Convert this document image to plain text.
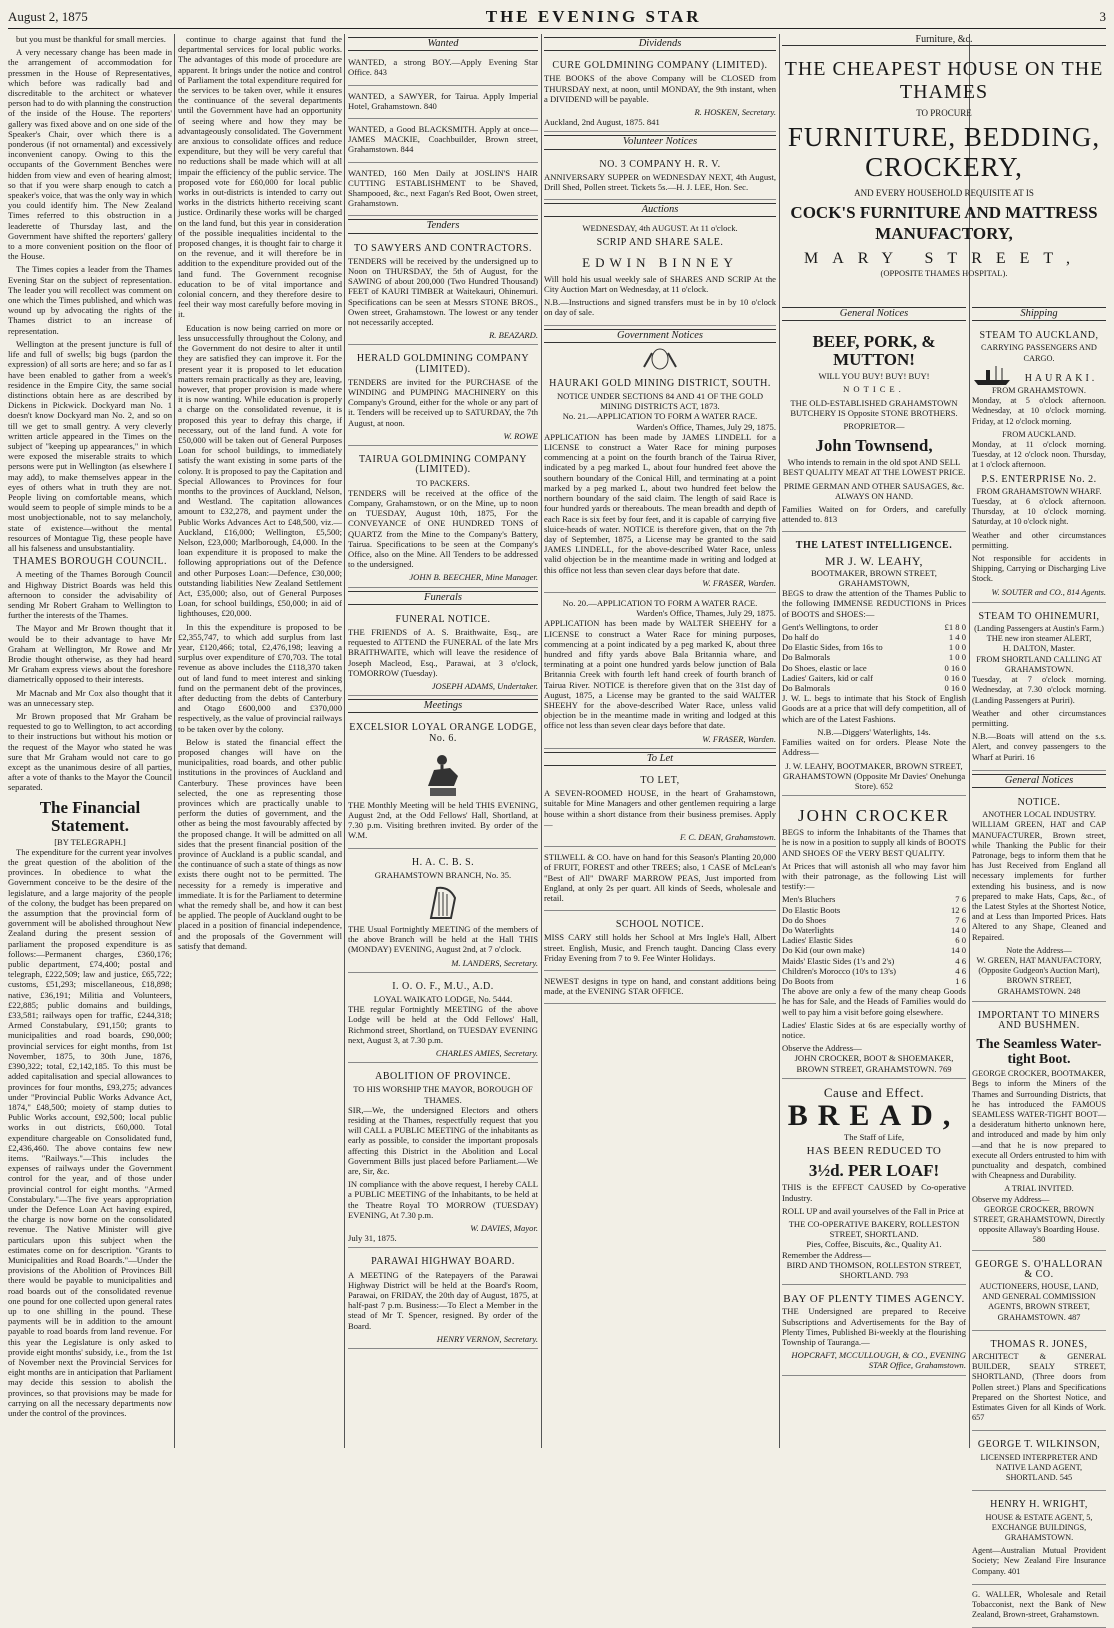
August 2, 1875	THE EVENING STAR	3

but you must be thankful for small mercies.

A very necessary change has been made in the arrangement of accommodation for pressmen in the House of Representatives, which before was radically bad and discreditable to the architect or whatever person had to do with planning the construction of the inside of the House. The reporters' gallery was fixed above and on one side of the Speaker's Chair, over which there is a ponderous (if not ornamental) and excessively inconvenient canopy. Owing to this the occupants of the Government Benches were hidden from view and even of hearing almost; so that if you were sharp enough to catch a speaker's voice, that was the only way in which you could identify him. The New Zealand Times referred to this obstruction in a leaderette of Thursday last, and the Government have shifted the reporters' gallery to a more convenient position on the floor of the House.

The Times copies a leader from the Thames Evening Star on the subject of representation. The leader you will recollect was comment on one which the Times published, and which was wound up by advocating the rights of the Thames district to an increase of representation.

Wellington at the present juncture is full of life and full of swells; big bugs (pardon the expression) of all sorts are here; and so far as I have been enabled to gather from a week's residence in the Empire City, the same social distinctions obtain here as are described by Dickens in Pickwick. Dockyard man No. 1 doesn't know Dockyard man No. 2, and so on till we get to small gentry. A very cleverly written article appeared in the Times on the subject of "keeping up appearances," in which were exposed the miserable straits to which persons were put in Wellington (as elsewhere I may add), to make themselves appear in the eyes of others what in truth they are not. People living on comfortable means, which would seem to people of simple minds to be a most unobjectionable, not to say melancholy, state of existence—without the mental resources of Montague Tig, these people have all his falseness and unsubstantiality.

THAMES BOROUGH COUNCIL.

A meeting of the Thames Borough Council and Highway District Boards was held this afternoon to consider the advisability of sending Mr Robert Graham to Wellington to further the interests of the Thames.

The Mayor and Mr Brown thought that it would be to their advantage to have Mr Graham at Wellington, Mr Rowe and Mr Brodie thought otherwise, as they had heard Mr Graham express views about the foreshore diametrically opposed to their interests.

Mr Macnab and Mr Cox also thought that it was an unnecessary step.

Mr Brown proposed that Mr Graham be requested to go to Wellington, to act according to their instructions but without his motion or the request of the Mayor who stated he was sure that Mr Graham would not care to go except as the unanimous desire of all parties, after a vote of thanks to the Mayor the Council separated.

The Financial Statement.
[BY TELEGRAPH.]

The expenditure for the current year involves the great question of the abolition of the provinces. In obedience to what the Government conceive to be the desire of the legislature, and a large majority of the people of the colony, the budget has been prepared on the assumption that the provincial form of government will be abolished throughout New Zealand during the present session of parliament the proposed expenditure is as follows:—Permanent charges, £360,176; public department, £74,400; postal and telegraph, £222,509; law and justice, £65,722; customs, £51,293; miscellaneous, £18,898; native, £36,191; Militia and Volunteers, £22,885; public domains and buildings, £33,581; railways open for traffic, £244,318; Armed Constabulary, £91,150; grants to municipalities and road boards, £90,000; provincial services for eight months, from 1st November, 1875, to 30th June, 1876, £390,322; total, £2,142,185. To this must be added capitalisation and special allowances to provinces for four months, £93,275; advances under "Provincial Public Works Advance Act, 1874," £48,500; moiety of stamp duties to Public Works account, £92,500; local public works in out districts, £60,000. Total expenditure chargeable on Consolidated fund, £2,436,460. The above contains few new items. "Railways."—This includes the expenses of railways under the Government control for the year, and of those under provincial control for eight months. "Armed Constabulary."—The five years appropriation under the Defence Loan Act having expired, the charge is now borne on the consolidated revenue. The Native Minister will give particulars upon this subject when the estimates come on for description. "Grants to Municipalities and Road Boards."—Under the provisions of the Abolition of Provinces Bill there would be payable to municipalities and road boards out of the consolidated revenue one pound for one collected upon general rates up to one shilling in the pound. These payments will be in addition to the amount payable to road boards from land revenue. For this year the Legislature is only asked to provide eight months' subsidy, i.e., from the 1st of November next the Provincial Services for eight months are in anticipation that Parliament may decide this session to abolish the provinces, so that provisions may be made for carrying on all the necessary departments now under the control of the provinces.

continue to charge against that fund the departmental services for local public works. The advantages of this mode of procedure are apparent. It brings under the notice and control of Parliament the total expenditure required for the services to be taken over, while it ensures the continuance of the several departments until the Government have had an opportunity of seeing where and how they may be advantageously consolidated. The Government are anxious to consolidate offices and reduce expenditure, but they will be very careful that no reductions shall be made which will at all impair the efficiency of the public service. The proposed vote for £60,000 for local public works in out-districts is intended to carry out works in the districts hitherto receiving scant justice. Ordinarily these works will be charged on the land fund, but this year in consideration of the possible inequalities incidental to the proposed changes, it is thought fair to charge it on the revenue, and it will therefore be in addition to the expenditure provided out of the land fund. The Government recognise education to be of vital importance and colonial concern, and they therefore desire to feel their way most carefully before moving in it.

Education is now being carried on more or less unsuccessfully throughout the Colony, and the Government do not desire to alter it until they are satisfied they can improve it. For the present year it is proposed to let education matters remain practically as they are, leaving, however, that proper provision is made where it is now wanting. While education is properly a charge on the consolidated revenue, it is proposed this year to defray this charge, if necessary, out of the land fund. A vote for £50,000 will be taken out of General Purposes Loan for school buildings, to immediately satisfy the want existing in some parts of the colony. It is proposed to pay the Capitation and Special Allowances to Provinces for four months to the provinces of Auckland, Nelson, and Westland. The capitation allowances amount to £32,278, and payment under the Public Works Advances Act to £48,500, viz.—Auckland, £16,000; Wellington, £5,500; Nelson, £23,000; Marlborough, £4,000. In the loan expenditure it is proposed to make the following appropriations out of the Defence and other Purposes Loan:—Defence, £30,000; outstanding liabilities New Zealand Settlement Act, £35,000; also, out of General Purposes Loan, for school buildings, £50,000; in aid of lighthouses, £20,000.

In this the expenditure is proposed to be £2,355,747, to which add surplus from last year, £120,466; total, £2,476,198; leaving a surplus over expenditure of £70,703. The total revenue as above includes the £118,370 taken out of land fund to meet interest and sinking fund on the permanent debt of the provinces, after deducting from the debts of Canterbury and Otago £600,000 and £370,000 respectively, as the value of provincial railways to be taken over by the colony.

Below is stated the financial effect the proposed changes will have on the municipalities, road boards, and other public institutions in the provinces of Auckland and Canterbury. These provinces have been selected, the one as representing those provinces which are practically unable to perform the duties of government, and the other as being the most favourably affected by the proposed change. It will be admitted on all sides that the present financial position of the province of Auckland is a public scandal, and the continuance of such a state of things as now exists there ought not to be permitted. The necessity for a remedy is imperative and immediate. It is for the Parliament to determine what the remedy shall be, and how it can best be applied. The people of Auckland ought to be placed in a position of financial independence, and the proposals of the Government will satisfy that demand.

Wanted

WANTED, a strong BOY.—Apply Evening Star Office. 843

WANTED, a SAWYER, for Tairua. Apply Imperial Hotel, Grahamstown. 840

WANTED, a Good BLACKSMITH. Apply at once—JAMES MACKIE, Coachbuilder, Brown street, Grahamstown. 844

WANTED, 160 Men Daily at JOSLIN'S HAIR CUTTING ESTABLISHMENT to be Shaved, Shampooed, &c., next Fagan's Red Boot, Owen street, Grahamstown.

Tenders
TO SAWYERS AND CONTRACTORS.

TENDERS will be received by the undersigned up to Noon on THURSDAY, the 5th of August, for the SAWING of about 200,000 (Two Hundred Thousand) FEET of KAURI TIMBER at Waitekauri, Ohinemuri. Specifications can be seen at Messrs STONE BROS., Owen street, Grahamstown. The lowest or any tender not necessarily accepted.

R. BEAZARD.
HERALD GOLDMINING COMPANY (LIMITED).

TENDERS are invited for the PURCHASE of the WINDING and PUMPING MACHINERY on this Company's Ground, either for the whole or any part of it. Tenders will be received up to SATURDAY, the 7th August, at noon.

W. ROWE
TAIRUA GOLDMINING COMPANY (LIMITED).
TO PACKERS.

TENDERS will be received at the office of the Company, Grahamstown, or on the Mine, up to noon on TUESDAY, August 10th, 1875, For the CONVEYANCE of ONE HUNDRED TONS of QUARTZ from the Mine to the Company's Battery, Tairua. Specifications to be seen at the Company's Office, also on the Mine. All Tenders to be addressed to the undersigned.

JOHN B. BEECHER, Mine Manager.
Funerals
FUNERAL NOTICE.

THE FRIENDS of A. S. Braithwaite, Esq., are requested to ATTEND the FUNERAL of the late Mrs BRAITHWAITE, which will leave the residence of Joseph Macleod, Esq., Parawai, at 3 o'clock, TOMORROW (Tuesday).

JOSEPH ADAMS, Undertaker.
Meetings
EXCELSIOR LOYAL ORANGE LODGE, No. 6.

THE Monthly Meeting will be held THIS EVENING, August 2nd, at the Odd Fellows' Hall, Shortland, at 7.30 p.m. Visiting brethren invited. By order of the W.M.

H. A. C. B. S.
GRAHAMSTOWN BRANCH, No. 35.

THE Usual Fortnightly MEETING of the members of the above Branch will be held at the Hall THIS (MONDAY) EVENING, August 2nd, at 7 o'clock.

M. LANDERS, Secretary.
I. O. O. F., M.U., A.D.
LOYAL WAIKATO LODGE, No. 5444.

THE regular Fortnightly MEETING of the above Lodge will be held at the Odd Fellows' Hall, Richmond street, Shortland, on TUESDAY EVENING next, August 3, at 7.30 p.m.

CHARLES AMIES, Secretary.
ABOLITION OF PROVINCE.
TO HIS WORSHIP THE MAYOR, BOROUGH OF THAMES.

SIR,—We, the undersigned Electors and others residing at the Thames, respectfully request that you will CALL a PUBLIC MEETING of the inhabitants as early as possible, to consider the important proposals affecting this District in the Abolition and Local Government Bills just placed before Parliament.—We are, Sir, &c.

IN compliance with the above request, I hereby CALL a PUBLIC MEETING of the Inhabitants, to be held at the Theatre Royal TO MORROW (TUESDAY) EVENING, At 7.30 p.m.

W. DAVIES, Mayor.
July 31, 1875.
PARAWAI HIGHWAY BOARD.

A MEETING of the Ratepayers of the Parawai Highway District will be held at the Board's Room, Parawai, on FRIDAY, the 20th day of August, 1875, at half-past 7 p.m. Business:—To Elect a Member in the stead of Mr T. Spencer, resigned. By order of the Board.

HENRY VERNON, Secretary.
Dividends
CURE GOLDMINING COMPANY (LIMITED).

THE BOOKS of the above Company will be CLOSED from THURSDAY next, at noon, until MONDAY, the 9th instant, when a DIVIDEND will be payable.

R. HOSKEN, Secretary.
Auckland, 2nd August, 1875. 841
Volunteer Notices
NO. 3 COMPANY H. R. V.

ANNIVERSARY SUPPER on WEDNESDAY NEXT, 4th August, Drill Shed, Pollen street. Tickets 5s.—H. J. LEE, Hon. Sec.

Auctions
WEDNESDAY, 4th AUGUST. At 11 o'clock.
SCRIP AND SHARE SALE.
EDWIN BINNEY

Will hold his usual weekly sale of SHARES AND SCRIP At the City Auction Mart on Wednesday, at 11 o'clock.

N.B.—Instructions and signed transfers must be in by 10 o'clock on day of sale.

Government Notices
HAURAKI GOLD MINING DISTRICT, SOUTH.
NOTICE UNDER SECTIONS 84 AND 41 OF THE GOLD MINING DISTRICTS ACT, 1873.
No. 21.—APPLICATION TO FORM A WATER RACE.
Warden's Office, Thames, July 29, 1875.

APPLICATION has been made by JAMES LINDELL for a LICENSE to construct a Water Race for mining purposes commencing at a point on the fourth branch of the Tairua River, indicated by a peg marked L, about four hundred feet above the southern boundary of the Conical Hill, and terminating at a point marked by a peg marked L, about two hundred feet below the northern boundary of the said claim. The length of said Race is four hundred yards or thereabouts. The mean breadth and depth of each Race is six feet by four feet, and it is capable of carrying five sluice-heads of water. NOTICE is therefore given, that on the 7th day of September, 1875, a License may be granted to the said JAMES LINDELL, for the above-described Water Race, unless valid objection be in the meantime made in writing and lodged at this office not less than seven clear days before that date.

W. FRASER, Warden.
No. 20.—APPLICATION TO FORM A WATER RACE.
Warden's Office, Thames, July 29, 1875.

APPLICATION has been made by WALTER SHEEHY for a LICENSE to construct a Water Race for mining purposes, commencing at a point indicated by a peg marked K, about three hundred and fifty yards above Bala Britannia whare, and terminating at a point one hundred yards below junction of Bala Britannia Creek with fourth left hand creek of fourth branch of Tairua River. NOTICE is therefore given that on the 31st day of August, 1875, a License may be granted to the said WALTER SHEEHY for the above-described Water Race, unless valid objection be in the meantime made in writing and lodged at this office not less than seven clear days before that date.

W. FRASER, Warden.
To Let
TO LET,

A SEVEN-ROOMED HOUSE, in the heart of Grahamstown, suitable for Mine Managers and other gentlemen requiring a large house within a short distance from their business premises. Apply—

F. C. DEAN, Grahamstown.

STILWELL & CO. have on hand for this Season's Planting 20,000 of FRUIT, FOREST and other TREES; also, 1 CASE of McLean's "Best of All" DWARF MARROW PEAS, Just imported from England, at only 2s per quart. All kinds of Seeds, wholesale and retail.

SCHOOL NOTICE.

MISS CARY still holds her School at Mrs Ingle's Hall, Albert street. English, Music, and French taught. Dancing Class every Friday Evening from 7 to 9. Fee Winter Holidays.

NEWEST designs in type on hand, and constant additions being made, at the EVENING STAR OFFICE.

Furniture, &c.
THE CHEAPEST HOUSE ON THE THAMES
TO PROCURE
FURNITURE, BEDDING, CROCKERY,
AND EVERY HOUSEHOLD REQUISITE AT IS
COCK'S FURNITURE AND MATTRESS MANUFACTORY,
MARY STREET,
(OPPOSITE THAMES HOSPITAL).
General Notices
BEEF, PORK, & MUTTON!
WILL YOU BUY! BUY! BUY!
NOTICE.

THE OLD-ESTABLISHED GRAHAMSTOWN BUTCHERY IS Opposite STONE BROTHERS.

PROPRIETOR—
John Townsend,

Who intends to remain in the old spot AND SELL BEST QUALITY MEAT AT THE LOWEST PRICE.

PRIME GERMAN AND OTHER SAUSAGES, &c. ALWAYS ON HAND.

Families Waited on for Orders, and carefully attended to. 813

THE LATEST INTELLIGENCE.
MR J. W. LEAHY,
BOOTMAKER, BROWN STREET, GRAHAMSTOWN,

BEGS to draw the attention of the Thames Public to the following IMMENSE REDUCTIONS in Prices of BOOTS and SHOES:—

Gent's Wellingtons, to order	£1 8 0
Do half do	1 4 0
Do Elastic Sides, from 16s to	1 0 0
Do Balmorals	1 0 0
Do Shoes, elastic or lace	0 16 0
Ladies' Gaiters, kid or calf	0 16 0
Do Balmorals	0 16 0

J. W. L. begs to intimate that his Stock of English Goods are at a price that will defy competition, all of which are of the Latest Fashions.

N.B.—Diggers' Waterlights, 14s.

Families waited on for orders. Please Note the Address—

J. W. LEAHY, BOOTMAKER, BROWN STREET, GRAHAMSTOWN (Opposite Mr Davies' Onehunga Store). 652
JOHN CROCKER

BEGS to inform the Inhabitants of the Thames that he is now in a position to supply all kinds of BOOTS AND SHOES OF the VERY BEST QUALITY.

At Prices that will astonish all who may favor him with their patronage, as the following List will testify:—

Men's Bluchers	7 6
Do Elastic Boots	12 6
Do do Shoes	7 6
Do Waterlights	14 0
Ladies' Elastic Sides	6 0
Do Kid (our own make)	14 0
Maids' Elastic Sides (1's and 2's)	4 6
Children's Morocco (10's to 13's)	4 6
Do Boots from	1 6

The above are only a few of the many cheap Goods he has for Sale, and the Heads of Families would do well to pay him a visit before going elsewhere.

Ladies' Elastic Sides at 6s are especially worthy of notice.

Observe the Address—
JOHN CROCKER, BOOT & SHOEMAKER, BROWN STREET, GRAHAMSTOWN. 769
Cause and Effect.
BREAD,
The Staff of Life,
HAS BEEN REDUCED TO
3½d. PER LOAF!

THIS is the EFFECT CAUSED by Co-operative Industry.

ROLL UP and avail yourselves of the Fall in Price at

THE CO-OPERATIVE BAKERY, ROLLESTON STREET, SHORTLAND.
Pies, Coffee, Biscuits, &c., Quality A1.
Remember the Address—
BIRD AND THOMSON, ROLLESTON STREET, SHORTLAND. 793
BAY OF PLENTY TIMES AGENCY.

THE Undersigned are prepared to Receive Subscriptions and Advertisements for the Bay of Plenty Times, Published Bi-weekly at the flourishing Township of Tauranga.—

HOPCRAFT, MCCULLOUGH, & CO., EVENING STAR Office, Grahamstown.
Shipping
STEAM TO AUCKLAND,
CARRYING PASSENGERS AND CARGO.
HAURAKI.
FROM GRAHAMSTOWN.

Monday, at 5 o'clock afternoon. Wednesday, at 10 o'clock morning. Friday, at 12 o'clock morning.

FROM AUCKLAND.

Monday, at 11 o'clock morning. Tuesday, at 12 o'clock noon. Thursday, at 1 o'clock afternoon.

P.S. ENTERPRISE No. 2.
FROM GRAHAMSTOWN WHARF.

Tuesday, at 6 o'clock afternoon. Thursday, at 10 o'clock morning. Saturday, at 10 o'clock night.

Weather and other circumstances permitting.

Not responsible for accidents in Shipping, Carrying or Discharging Live Stock.

W. SOUTER and CO., 814 Agents.
STEAM TO OHINEMURI,
(Landing Passengers at Austin's Farm.)
THE new iron steamer ALERT,
H. DALTON, Master.
FROM SHORTLAND CALLING AT GRAHAMSTOWN.

Tuesday, at 7 o'clock morning. Wednesday, at 7.30 o'clock morning. (Landing Passengers at Puriri).

Weather and other circumstances permitting.

N.B.—Boats will attend on the s.s. Alert, and convey passengers to the Wharf at Puriri. 16

General Notices
NOTICE.
ANOTHER LOCAL INDUSTRY.

WILLIAM GREEN, HAT and CAP MANUFACTURER, Brown street, while Thanking the Public for their Patronage, begs to inform them that he has Just Received from England all necessary implements for further extending his business, and is now prepared to make Hats, Caps, &c., of the Latest Styles at the Shortest Notice, and at Less than Imported Prices. Hats Altered to any Shape, Cleaned and Repaired.

Note the Address—
W. GREEN, HAT MANUFACTORY, (Opposite Gudgeon's Auction Mart), BROWN STREET, GRAHAMSTOWN. 248
IMPORTANT TO MINERS AND BUSHMEN.
The Seamless Water-tight Boot.
GEORGE CROCKER, BOOTMAKER,

Begs to inform the Miners of the Thames and Surrounding Districts, that he has introduced the FAMOUS SEAMLESS WATER-TIGHT BOOT—a desideratum hitherto unknown here, and introduced and made by him only—and that he is now prepared to execute all Orders entrusted to him with punctuality and despatch, combined with Cheapness and Durability.

A TRIAL INVITED.
Observe my Address—
GEORGE CROCKER, BROWN STREET, GRAHAMSTOWN, Directly opposite Allaway's Boarding House. 580
GEORGE S. O'HALLORAN & CO.

AUCTIONEERS, HOUSE, LAND, AND GENERAL COMMISSION AGENTS, BROWN STREET, GRAHAMSTOWN. 487

THOMAS R. JONES,

ARCHITECT & GENERAL BUILDER, SEALY STREET, SHORTLAND, (Three doors from Pollen street.) Plans and Specifications Prepared on the Shortest Notice, and Estimates Given for all Kinds of Work. 657

GEORGE T. WILKINSON,

LICENSED INTERPRETER AND NATIVE LAND AGENT, SHORTLAND. 545

HENRY H. WRIGHT,

HOUSE & ESTATE AGENT, 5, EXCHANGE BUILDINGS, GRAHAMSTOWN.

Agent—Australian Mutual Provident Society; New Zealand Fire Insurance Company. 401

G. WALLER, Wholesale and Retail Tobacconist, next the Bank of New Zealand, Brown-street, Grahamstown.
